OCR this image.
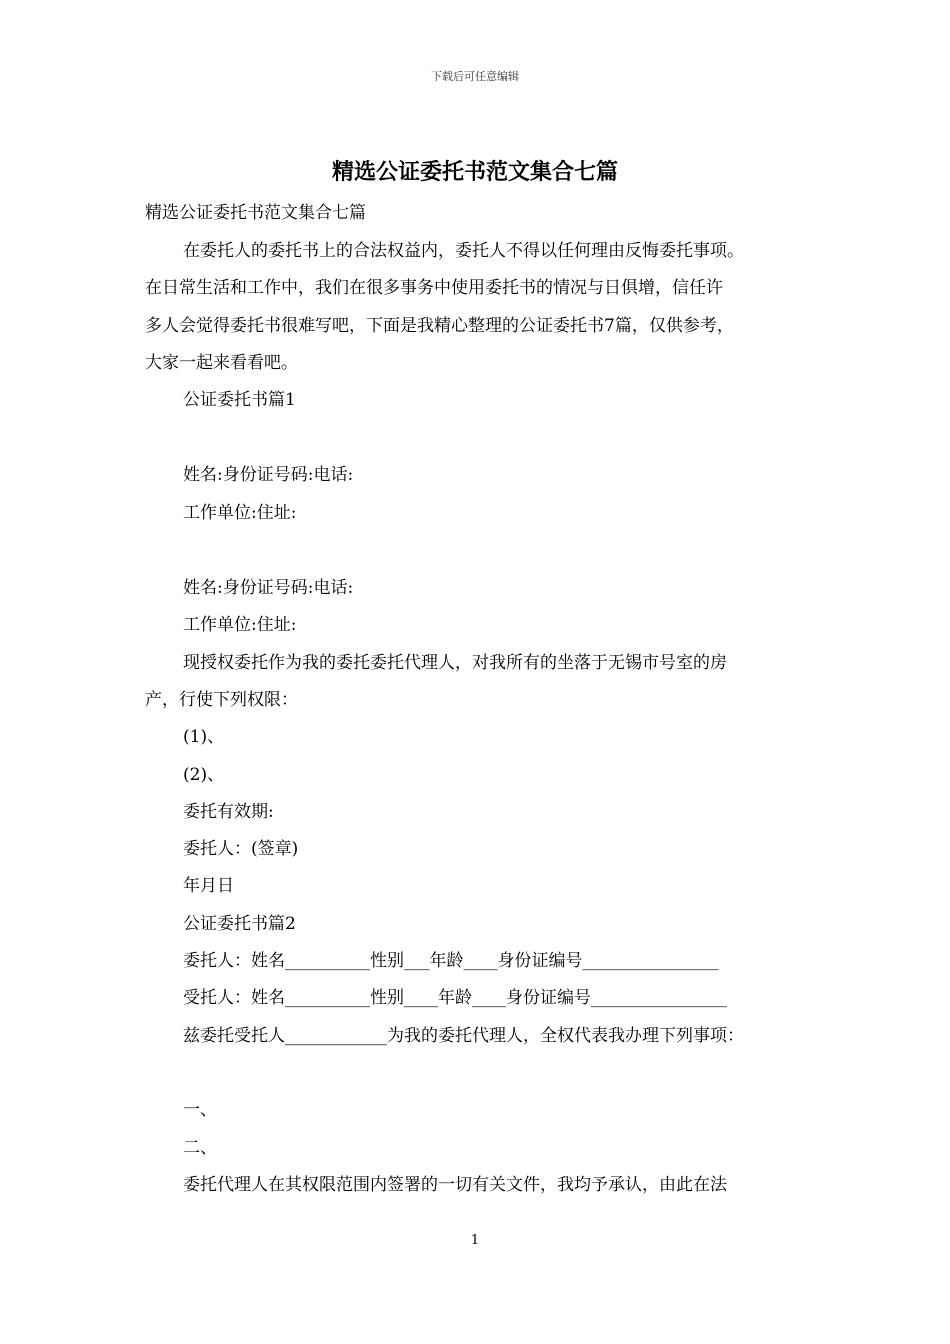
下载后可任意编辑
精选公证委托书范文集合七篇
精选公证委托书范文集合七篇
在委托人的委托书上的合法权益内，委托人不得以任何理由反悔委托事项。
在日常生活和工作中，我们在很多事务中使用委托书的情况与日俱增，信任许
多人会觉得委托书很难写吧，下面是我精心整理的公证委托书7篇，仅供参考，
大家一起来看看吧。
公证委托书篇1
姓名:身份证号码:电话:
工作单位:住址:
姓名:身份证号码:电话:
工作单位:住址:
现授权委托作为我的委托委托代理人，对我所有的坐落于无锡市号室的房
产，行使下列权限：
(1)、
(2)、
委托有效期:
委托人：(签章)
年月日
公证委托书篇2
委托人：姓名__________性别___年龄____身份证编号________________
受托人：姓名__________性别____年龄____身份证编号________________
兹委托受托人____________为我的委托代理人，全权代表我办理下列事项：
一、
二、
委托代理人在其权限范围内签署的一切有关文件，我均予承认，由此在法
1
